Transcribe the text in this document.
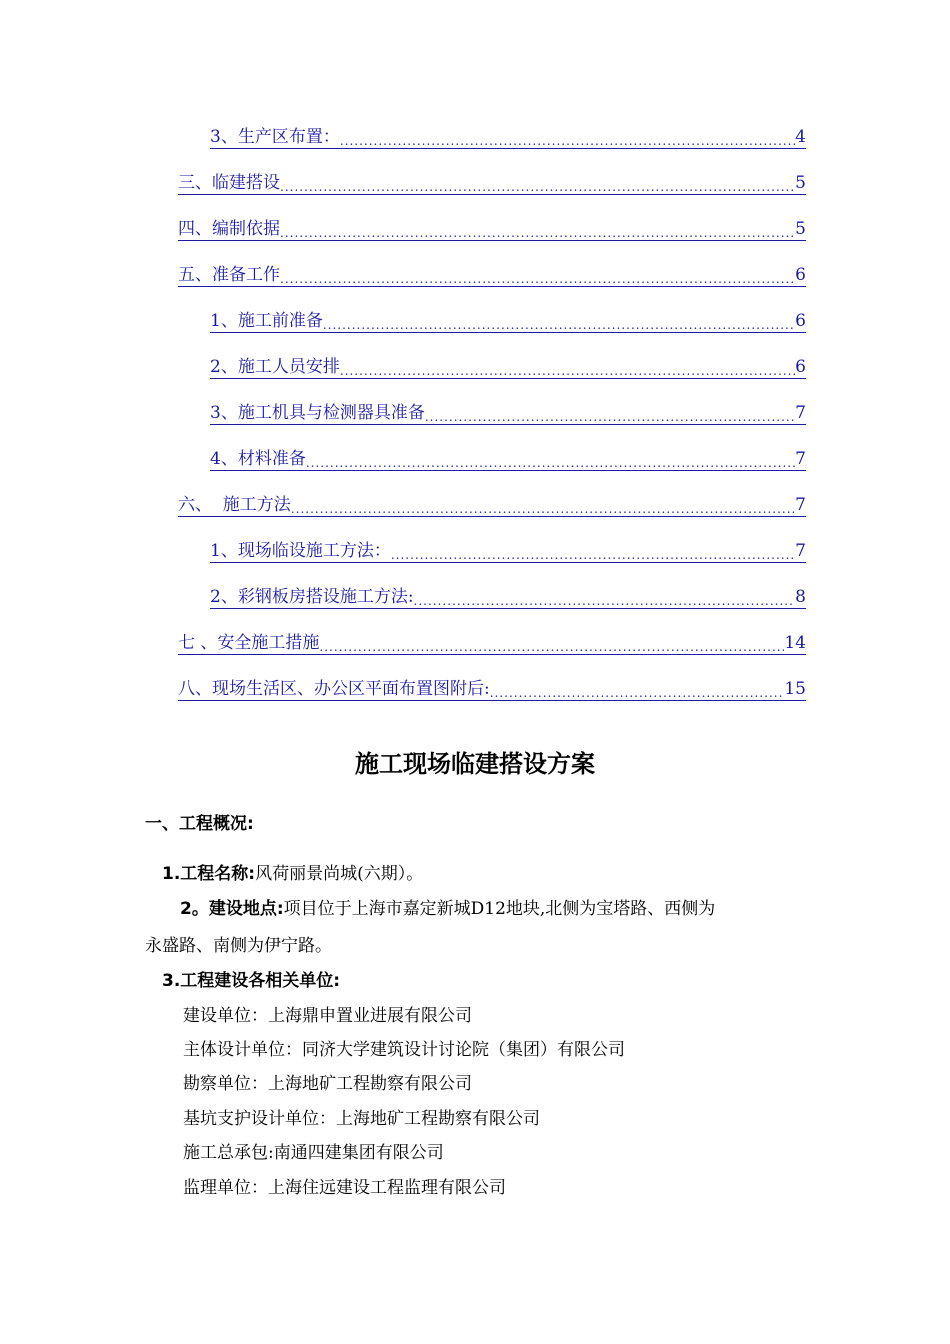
3、生产区布置： .....	4
三、临建搭设 .....	5
四、编制依据 .....	5
五、准备工作 .....	6
1、施工前准备 .....	6
2、施工人员安排 .....	6
3、施工机具与检测器具准备 .....	7
4、材料准备 .....	7
六、  施工方法 .....	7
1、现场临设施工方法： .....	7
2、彩钢板房搭设施工方法: .....	8
七 、安全施工措施 .....	14
八、现场生活区、办公区平面布置图附后: .....	15
施工现场临建搭设方案
一、工程概况:
1.工程名称:风荷丽景尚城(六期）。
2。建设地点:项目位于上海市嘉定新城D12地块,北侧为宝塔路、西侧为
永盛路、南侧为伊宁路。
3.工程建设各相关单位:
建设单位：上海鼎申置业进展有限公司
主体设计单位：同济大学建筑设计讨论院（集团）有限公司
勘察单位：上海地矿工程勘察有限公司
基坑支护设计单位：上海地矿工程勘察有限公司
施工总承包:南通四建集团有限公司
监理单位：上海住远建设工程监理有限公司
